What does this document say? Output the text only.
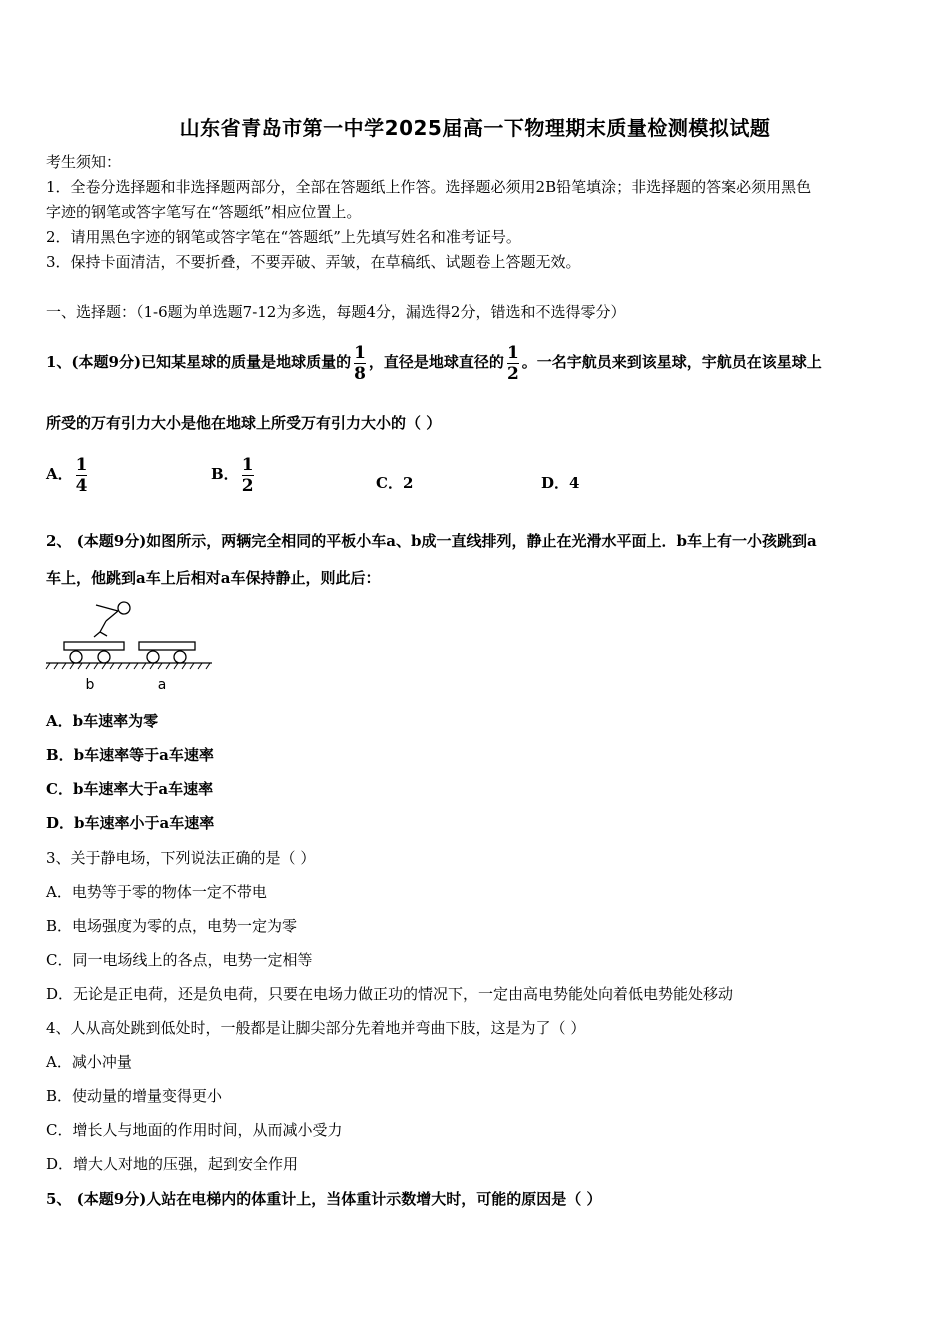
山东省青岛市第一中学2025届高一下物理期末质量检测模拟试题
考生须知：
1．全卷分选择题和非选择题两部分，全部在答题纸上作答。选择题必须用2B铅笔填涂；非选择题的答案必须用黑色
字迹的钢笔或答字笔写在“答题纸”相应位置上。
2．请用黑色字迹的钢笔或答字笔在“答题纸”上先填写姓名和准考证号。
3．保持卡面清洁，不要折叠，不要弄破、弄皱，在草稿纸、试题卷上答题无效。
一、选择题：（1-6题为单选题7-12为多选，每题4分，漏选得2分，错选和不选得零分）
1、(本题9分)已知某星球的质量是地球质量的 $\frac{1}{8}$ ，直径是地球直径的 $\frac{1}{2}$ 。一名宇航员来到该星球，宇航员在该星球上
所受的万有引力大小是他在地球上所受万有引力大小的（ ）
A． $\frac{1}{4}$	B． $\frac{1}{2}$	C．2	D．4
2、 (本题9分)如图所示，两辆完全相同的平板小车a、b成一直线排列，静止在光滑水平面上．b车上有一小孩跳到a
车上，他跳到a车上后相对a车保持静止，则此后：
b	a
A．b车速率为零
B．b车速率等于a车速率
C．b车速率大于a车速率
D．b车速率小于a车速率
3、关于静电场，下列说法正确的是（ ）
A．电势等于零的物体一定不带电
B．电场强度为零的点，电势一定为零
C．同一电场线上的各点，电势一定相等
D．无论是正电荷，还是负电荷，只要在电场力做正功的情况下，一定由高电势能处向着低电势能处移动
4、人从高处跳到低处时，一般都是让脚尖部分先着地并弯曲下肢，这是为了（ ）
A．减小冲量
B．使动量的增量变得更小
C．增长人与地面的作用时间，从而减小受力
D．增大人对地的压强，起到安全作用
5、 (本题9分)人站在电梯内的体重计上，当体重计示数增大时，可能的原因是（ ）
